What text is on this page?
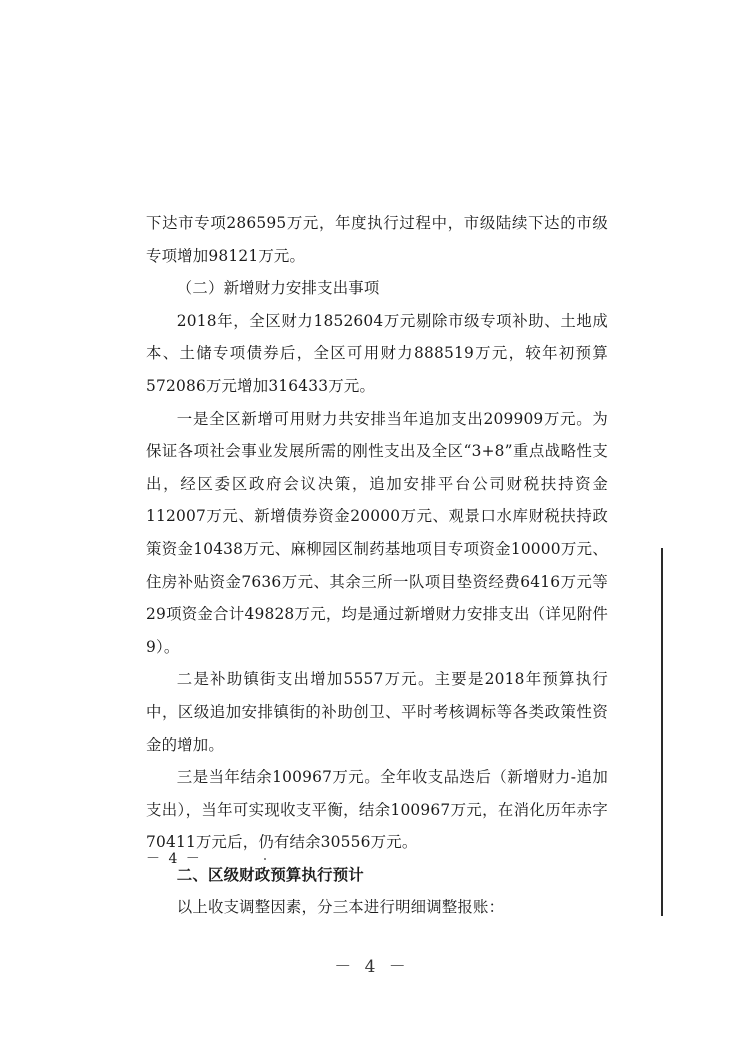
下达市专项286595万元，年度执行过程中，市级陆续下达的市级专项增加98121万元。

（二）新增财力安排支出事项

2018年，全区财力1852604万元剔除市级专项补助、土地成本、土储专项债券后，全区可用财力888519万元，较年初预算572086万元增加316433万元。

一是全区新增可用财力共安排当年追加支出209909万元。为保证各项社会事业发展所需的刚性支出及全区“3+8”重点战略性支出，经区委区政府会议决策，追加安排平台公司财税扶持资金112007万元、新增债券资金20000万元、观景口水库财税扶持政策资金10438万元、麻柳园区制药基地项目专项资金10000万元、住房补贴资金7636万元、其余三所一队项目垫资经费6416万元等29项资金合计49828万元，均是通过新增财力安排支出（详见附件9）。

二是补助镇街支出增加5557万元。主要是2018年预算执行中，区级追加安排镇街的补助创卫、平时考核调标等各类政策性资金的增加。

三是当年结余100967万元。全年收支品迭后（新增财力-追加支出），当年可实现收支平衡，结余100967万元，在消化历年赤字70411万元后，仍有结余30556万元。

二、区级财政预算执行预计

以上收支调整因素，分三本进行明细调整报账：

－ 4 －
－ 4 －
